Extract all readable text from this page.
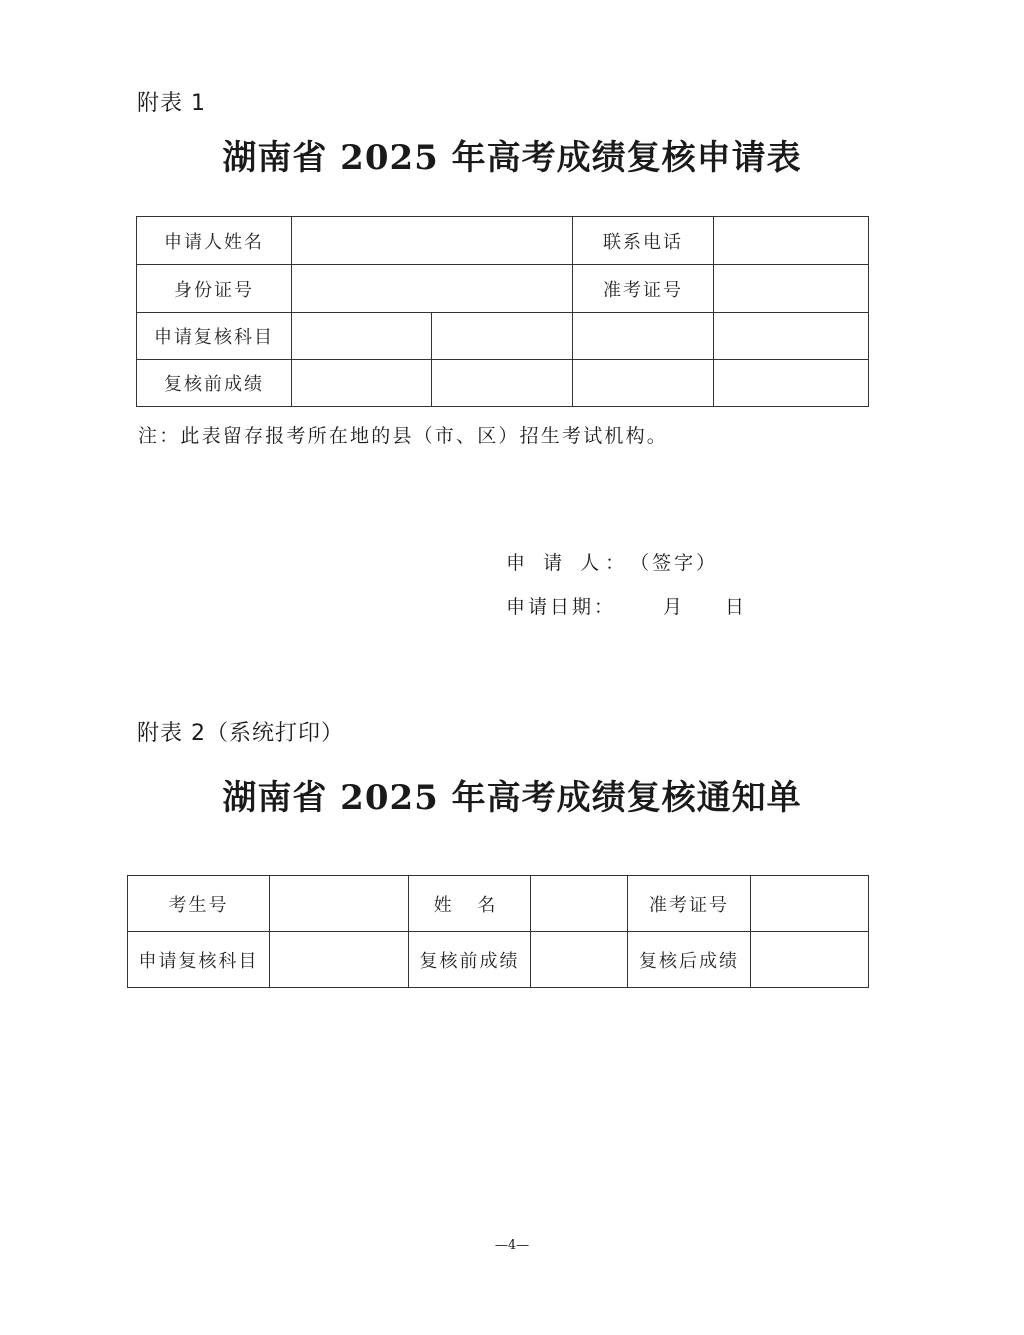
附表 1
湖南省 2025 年高考成绩复核申请表
申请人姓名			联系电话	
身份证号			准考证号	
申请复核科目				
复核前成绩				
注：此表留存报考所在地的县（市、区）招生考试机构。
申 请 人：（签字）
申请日期： 月 日
附表 2（系统打印）
湖南省 2025 年高考成绩复核通知单
考生号		姓 名		准考证号	
申请复核科目		复核前成绩		复核后成绩	
—4—
